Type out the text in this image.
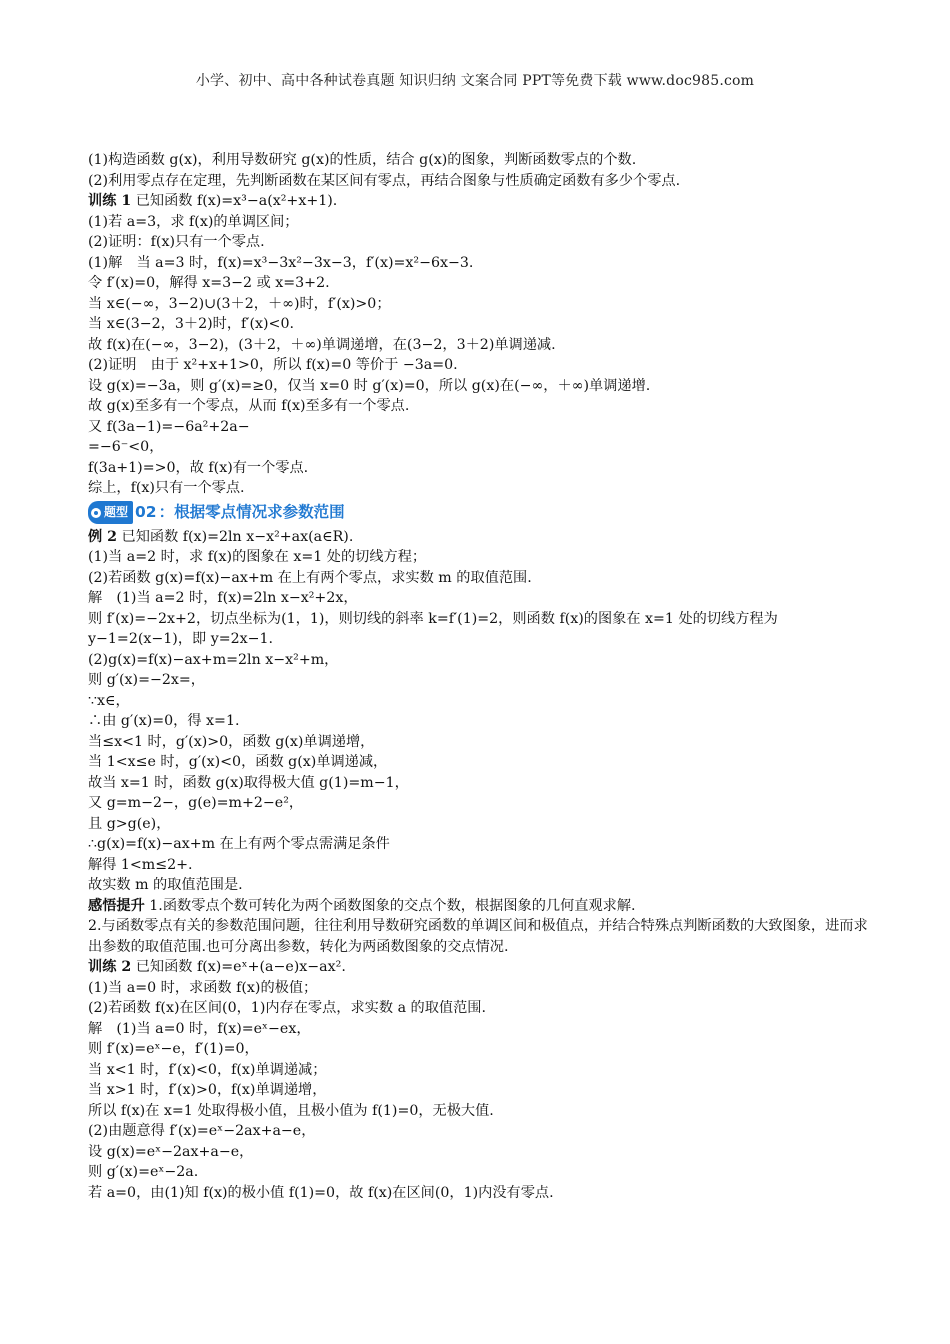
小学、初中、高中各种试卷真题 知识归纳 文案合同 PPT等免费下载 www.doc985.com
(1)构造函数 g(x)，利用导数研究 g(x)的性质，结合 g(x)的图象，判断函数零点的个数.
(2)利用零点存在定理，先判断函数在某区间有零点，再结合图象与性质确定函数有多少个零点.
训练 1 已知函数 f(x)=x³−a(x²+x+1).
(1)若 a=3，求 f(x)的单调区间；
(2)证明：f(x)只有一个零点.
(1)解　当 a=3 时，f(x)=x³−3x²−3x−3，f′(x)=x²−6x−3.
令 f′(x)=0，解得 x=3−2 或 x=3+2.
当 x∈(−∞，3−2)∪(3＋2，＋∞)时，f′(x)>0；
当 x∈(3−2，3＋2)时，f′(x)<0.
故 f(x)在(−∞，3−2)，(3＋2，＋∞)单调递增，在(3−2，3＋2)单调递减.
(2)证明　由于 x²+x+1>0，所以 f(x)=0 等价于 −3a=0.
设 g(x)=−3a，则 g′(x)=≥0，仅当 x=0 时 g′(x)=0，所以 g(x)在(−∞，＋∞)单调递增.
故 g(x)至多有一个零点，从而 f(x)至多有一个零点.
又 f(3a−1)=−6a²+2a−
=−6⁻<0，
f(3a+1)=>0，故 f(x)有一个零点.
综上，f(x)只有一个零点.
题型 02 ：根据零点情况求参数范围
例 2 已知函数 f(x)=2ln x−x²+ax(a∈R).
(1)当 a=2 时，求 f(x)的图象在 x=1 处的切线方程；
(2)若函数 g(x)=f(x)−ax+m 在上有两个零点，求实数 m 的取值范围.
解　(1)当 a=2 时，f(x)=2ln x−x²+2x，
则 f′(x)=−2x+2，切点坐标为(1，1)，则切线的斜率 k=f′(1)=2，则函数 f(x)的图象在 x=1 处的切线方程为 y−1=2(x−1)，即 y=2x−1.
(2)g(x)=f(x)−ax+m=2ln x−x²+m，
则 g′(x)=−2x=，
∵x∈，
∴由 g′(x)=0，得 x=1.
当≤x<1 时，g′(x)>0，函数 g(x)单调递增，
当 1<x≤e 时，g′(x)<0，函数 g(x)单调递减，
故当 x=1 时，函数 g(x)取得极大值 g(1)=m−1，
又 g=m−2−，g(e)=m+2−e²，
且 g>g(e)，
∴g(x)=f(x)−ax+m 在上有两个零点需满足条件
解得 1<m≤2+.
故实数 m 的取值范围是.
感悟提升 1.函数零点个数可转化为两个函数图象的交点个数，根据图象的几何直观求解.
2.与函数零点有关的参数范围问题，往往利用导数研究函数的单调区间和极值点，并结合特殊点判断函数的大致图象，进而求出参数的取值范围.也可分离出参数，转化为两函数图象的交点情况.
训练 2 已知函数 f(x)=eˣ+(a−e)x−ax².
(1)当 a=0 时，求函数 f(x)的极值；
(2)若函数 f(x)在区间(0，1)内存在零点，求实数 a 的取值范围.
解　(1)当 a=0 时，f(x)=eˣ−ex，
则 f′(x)=eˣ−e，f′(1)=0，
当 x<1 时，f′(x)<0，f(x)单调递减；
当 x>1 时，f′(x)>0，f(x)单调递增，
所以 f(x)在 x=1 处取得极小值，且极小值为 f(1)=0，无极大值.
(2)由题意得 f′(x)=eˣ−2ax+a−e，
设 g(x)=eˣ−2ax+a−e，
则 g′(x)=eˣ−2a.
若 a=0，由(1)知 f(x)的极小值 f(1)=0，故 f(x)在区间(0，1)内没有零点.
